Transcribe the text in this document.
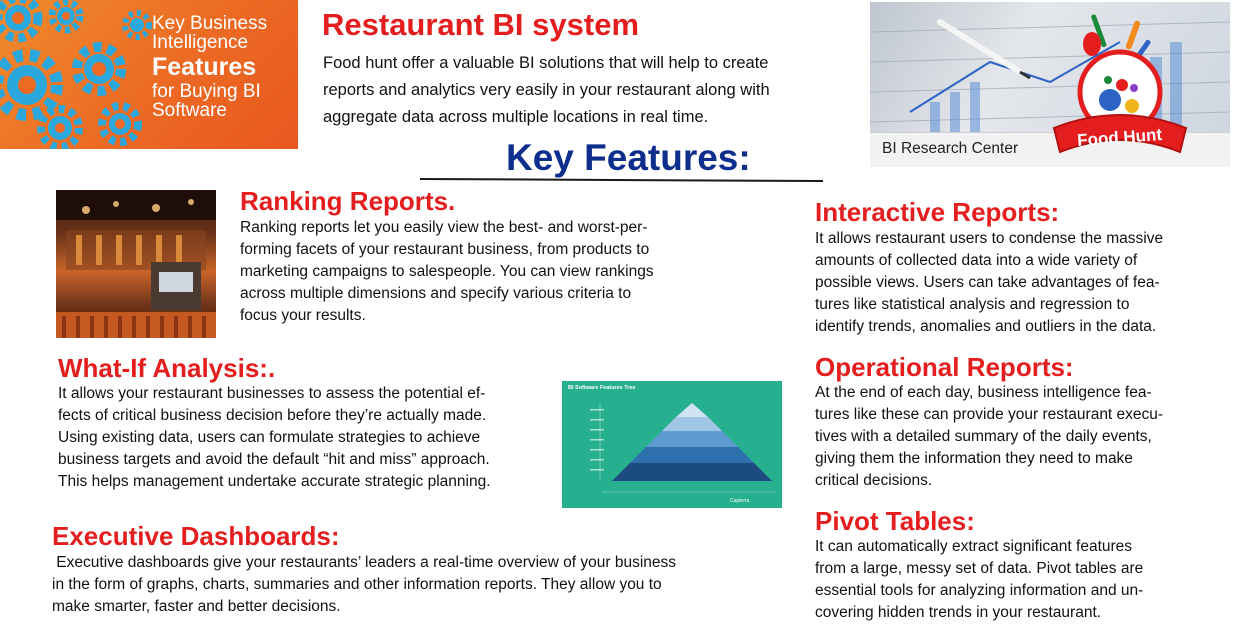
Key Business
Intelligence
Features
for Buying BI
Software
Restaurant BI system
Food hunt offer a valuable BI solutions that will help to create
reports and analytics very easily in your restaurant along with
aggregate data across multiple locations in real time.
Key Features:	BI Research Center	Food Hunt
Ranking Reports.
Ranking reports let you easily view the best- and worst-per-
forming facets of your restaurant business, from products to
marketing campaigns to salespeople. You can view rankings
across multiple dimensions and specify various criteria to
focus your results.
What-If Analysis:.
It allows your restaurant businesses to assess the potential ef-
fects of critical business decision before they’re actually made.
Using existing data, users can formulate strategies to achieve
business targets and avoid the default “hit and miss” approach.
This helps management undertake accurate strategic planning.
BI Software Features Tree
Capterra
Executive Dashboards:
Executive dashboards give your restaurants’ leaders a real-time overview of your business
in the form of graphs, charts, summaries and other information reports. They allow you to
make smarter, faster and better decisions.
Interactive Reports:
It allows restaurant users to condense the massive
amounts of collected data into a wide variety of
possible views. Users can take advantages of fea-
tures like statistical analysis and regression to
identify trends, anomalies and outliers in the data.
Operational Reports:
At the end of each day, business intelligence fea-
tures like these can provide your restaurant execu-
tives with a detailed summary of the daily events,
giving them the information they need to make
critical decisions.
Pivot Tables:
It can automatically extract significant features
from a large, messy set of data. Pivot tables are
essential tools for analyzing information and un-
covering hidden trends in your restaurant.
